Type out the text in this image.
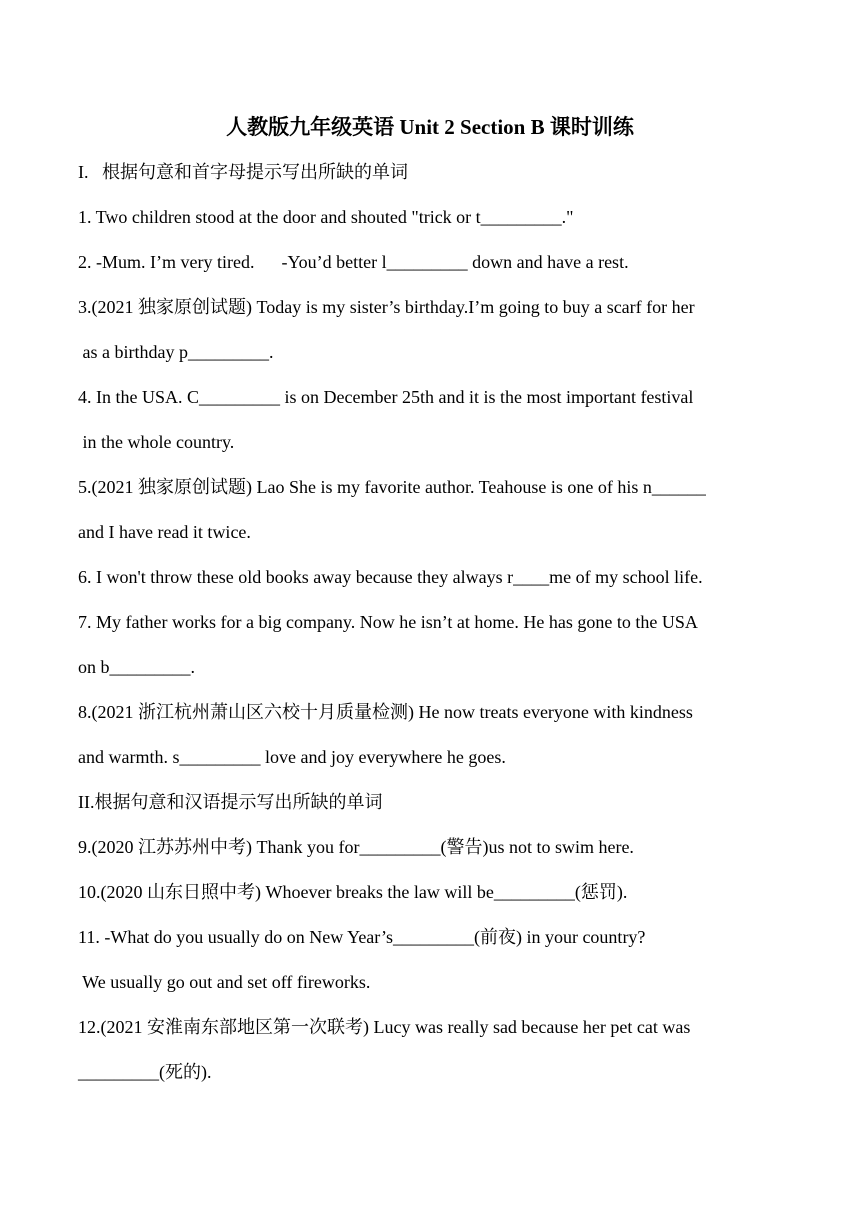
人教版九年级英语 Unit 2 Section B 课时训练
I.   根据句意和首字母提示写出所缺的单词
1. Two children stood at the door and shouted "trick or t_________."
2. -Mum. I’m very tired.      -You’d better l_________ down and have a rest.
3.(2021 独家原创试题) Today is my sister’s birthday.I’m going to buy a scarf for her
as a birthday p_________.
4. In the USA. C_________ is on December 25th and it is the most important festival
in the whole country.
5.(2021 独家原创试题) Lao She is my favorite author. Teahouse is one of his n______
and I have read it twice.
6. I won't throw these old books away because they always r____me of my school life.
7. My father works for a big company. Now he isn’t at home. He has gone to the USA
on b_________.
8.(2021 浙江杭州萧山区六校十月质量检测) He now treats everyone with kindness
and warmth. s_________ love and joy everywhere he goes.
II.根据句意和汉语提示写出所缺的单词
9.(2020 江苏苏州中考) Thank you for_________(警告)us not to swim here.
10.(2020 山东日照中考) Whoever breaks the law will be_________(惩罚).
11. -What do you usually do on New Year’s_________(前夜) in your country?
We usually go out and set off fireworks.
12.(2021 安淮南东部地区第一次联考) Lucy was really sad because her pet cat was
_________(死的).
